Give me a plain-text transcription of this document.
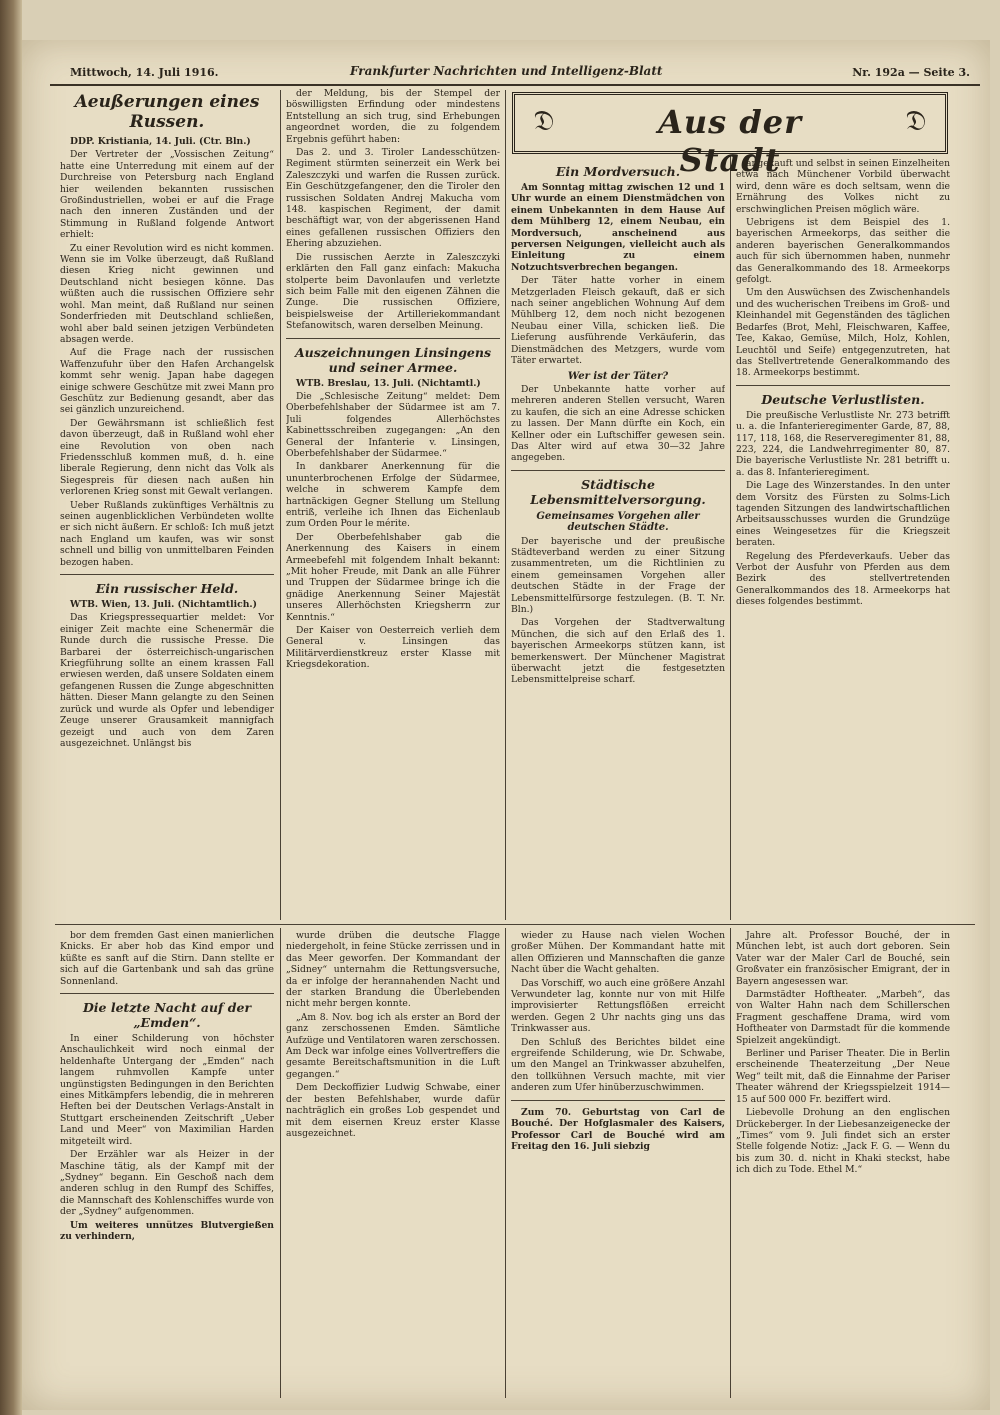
Mittwoch, 14. Juli 1916.	Frankfurter Nachrichten und Intelligenz-Blatt	Nr. 192a — Seite 3.
𝔇	Aus der Stadt
𝔇
Aeußerungen eines Russen.

DDP. Kristiania, 14. Juli. (Ctr. Bln.)

Der Vertreter der „Vossischen Zeitung“ hatte eine Unterredung mit einem auf der Durchreise von Petersburg nach England hier weilenden bekannten russischen Großindustriellen, wobei er auf die Frage nach den inneren Zuständen und der Stimmung in Rußland folgende Antwort erhielt:

Zu einer Revolution wird es nicht kommen. Wenn sie im Volke überzeugt, daß Rußland diesen Krieg nicht gewinnen und Deutschland nicht besiegen könne. Das wüßten auch die russischen Offiziere sehr wohl. Man meint, daß Rußland nur seinen Sonderfrieden mit Deutschland schließen, wohl aber bald seinen jetzigen Verbündeten absagen werde.

Auf die Frage nach der russischen Waffenzufuhr über den Hafen Archangelsk kommt sehr wenig. Japan habe dagegen einige schwere Geschütze mit zwei Mann pro Geschütz zur Bedienung gesandt, aber das sei gänzlich unzureichend.

Der Gewährsmann ist schließlich fest davon überzeugt, daß in Rußland wohl eher eine Revolution von oben nach Friedensschluß kommen muß, d. h. eine liberale Regierung, denn nicht das Volk als Siegespreis für diesen nach außen hin verlorenen Krieg sonst mit Gewalt verlangen.

Ueber Rußlands zukünftiges Verhältnis zu seinen augenblicklichen Verbündeten wollte er sich nicht äußern. Er schloß: Ich muß jetzt nach England um kaufen, was wir sonst schnell und billig von unmittelbaren Feinden bezogen haben.

Ein russischer Held.

WTB. Wien, 13. Juli. (Nichtamtlich.)

Das Kriegspressequartier meldet: Vor einiger Zeit machte eine Schenermär die Runde durch die russische Presse. Die Barbarei der österreichisch-ungarischen Kriegführung sollte an einem krassen Fall erwiesen werden, daß unsere Soldaten einem gefangenen Russen die Zunge abgeschnitten hätten. Dieser Mann gelangte zu den Seinen zurück und wurde als Opfer und lebendiger Zeuge unserer Grausamkeit mannigfach gezeigt und auch von dem Zaren ausgezeichnet. Unlängst bis

der Meldung, bis der Stempel der böswilligsten Erfindung oder mindestens Entstellung an sich trug, sind Erhebungen angeordnet worden, die zu folgendem Ergebnis geführt haben:

Das 2. und 3. Tiroler Landesschützen-Regiment stürmten seinerzeit ein Werk bei Zaleszczyki und warfen die Russen zurück. Ein Geschützgefangener, den die Tiroler den russischen Soldaten Andrej Makucha vom 148. kaspischen Regiment, der damit beschäftigt war, von der abgerissenen Hand eines gefallenen russischen Offiziers den Ehering abzuziehen.

Die russischen Aerzte in Zaleszczyki erklärten den Fall ganz einfach: Makucha stolperte beim Davonlaufen und verletzte sich beim Falle mit den eigenen Zähnen die Zunge. Die russischen Offiziere, beispielsweise der Artilleriekommandant Stefanowitsch, waren derselben Meinung.

Auszeichnungen Linsingens und seiner Armee.

WTB. Breslau, 13. Juli. (Nichtamtl.)

Die „Schlesische Zeitung“ meldet: Dem Oberbefehlshaber der Südarmee ist am 7. Juli folgendes Allerhöchstes Kabinettsschreiben zugegangen: „An den General der Infanterie v. Linsingen, Oberbefehlshaber der Südarmee.“

In dankbarer Anerkennung für die ununterbrochenen Erfolge der Südarmee, welche in schwerem Kampfe dem hartnäckigen Gegner Stellung um Stellung entriß, verleihe ich Ihnen das Eichenlaub zum Orden Pour le mérite.

Der Oberbefehlshaber gab die Anerkennung des Kaisers in einem Armeebefehl mit folgendem Inhalt bekannt: „Mit hoher Freude, mit Dank an alle Führer und Truppen der Südarmee bringe ich die gnädige Anerkennung Seiner Majestät unseres Allerhöchsten Kriegsherrn zur Kenntnis.“

Der Kaiser von Oesterreich verlieh dem General v. Linsingen das Militärverdienstkreuz erster Klasse mit Kriegsdekoration.

Ein Mordversuch.

Am Sonntag mittag zwischen 12 und 1 Uhr wurde an einem Dienstmädchen von einem Unbekannten in dem Hause Auf dem Mühlberg 12, einem Neubau, ein Mordversuch, anscheinend aus perversen Neigungen, vielleicht auch als Einleitung zu einem Notzuchtsverbrechen begangen.

Der Täter hatte vorher in einem Metzgerladen Fleisch gekauft, daß er sich nach seiner angeblichen Wohnung Auf dem Mühlberg 12, dem noch nicht bezogenen Neubau einer Villa, schicken ließ. Die Lieferung ausführende Verkäuferin, das Dienstmädchen des Metzgers, wurde vom Täter erwartet.

Wer ist der Täter?

Der Unbekannte hatte vorher auf mehreren anderen Stellen versucht, Waren zu kaufen, die sich an eine Adresse schicken zu lassen. Der Mann dürfte ein Koch, ein Kellner oder ein Luftschiffer gewesen sein. Das Alter wird auf etwa 30—32 Jahre angegeben.

Städtische Lebensmittelversorgung.
Gemeinsames Vorgehen aller deutschen Städte.

Der bayerische und der preußische Städteverband werden zu einer Sitzung zusammentreten, um die Richtlinien zu einem gemeinsamen Vorgehen aller deutschen Städte in der Frage der Lebensmittelfürsorge festzulegen. (B. T. Nr. Bln.)

Das Vorgehen der Stadtverwaltung München, die sich auf den Erlaß des 1. bayerischen Armeekorps stützen kann, ist bemerkenswert. Der Münchener Magistrat überwacht jetzt die festgesetzten Lebensmittelpreise scharf.

angekauft und selbst in seinen Einzelheiten etwa nach Münchener Vorbild überwacht wird, denn wäre es doch seltsam, wenn die Ernährung des Volkes nicht zu erschwinglichen Preisen möglich wäre.

Uebrigens ist dem Beispiel des 1. bayerischen Armeekorps, das seither die anderen bayerischen Generalkommandos auch für sich übernommen haben, nunmehr das Generalkommando des 18. Armeekorps gefolgt.

Um den Auswüchsen des Zwischenhandels und des wucherischen Treibens im Groß- und Kleinhandel mit Gegenständen des täglichen Bedarfes (Brot, Mehl, Fleischwaren, Kaffee, Tee, Kakao, Gemüse, Milch, Holz, Kohlen, Leuchtöl und Seife) entgegenzutreten, hat das Stellvertretende Generalkommando des 18. Armeekorps bestimmt.

Deutsche Verlustlisten.

Die preußische Verlustliste Nr. 273 betrifft u. a. die Infanterieregimenter Garde, 87, 88, 117, 118, 168, die Reserveregimenter 81, 88, 223, 224, die Landwehrregimenter 80, 87. Die bayerische Verlustliste Nr. 281 betrifft u. a. das 8. Infanterieregiment.

Die Lage des Winzerstandes. In den unter dem Vorsitz des Fürsten zu Solms-Lich tagenden Sitzungen des landwirtschaftlichen Arbeitsausschusses wurden die Grundzüge eines Weingesetzes für die Kriegszeit beraten.

Regelung des Pferdeverkaufs. Ueber das Verbot der Ausfuhr von Pferden aus dem Bezirk des stellvertretenden Generalkommandos des 18. Armeekorps hat dieses folgendes bestimmt.

bor dem fremden Gast einen manierlichen Knicks. Er aber hob das Kind empor und küßte es sanft auf die Stirn. Dann stellte er sich auf die Gartenbank und sah das grüne Sonnenland.

Die letzte Nacht auf der „Emden“.

In einer Schilderung von höchster Anschaulichkeit wird noch einmal der heldenhafte Untergang der „Emden“ nach langem ruhmvollen Kampfe unter ungünstigsten Bedingungen in den Berichten eines Mitkämpfers lebendig, die in mehreren Heften bei der Deutschen Verlags-Anstalt in Stuttgart erscheinenden Zeitschrift „Ueber Land und Meer“ von Maximilian Harden mitgeteilt wird.

Der Erzähler war als Heizer in der Maschine tätig, als der Kampf mit der „Sydney“ begann. Ein Geschoß nach dem anderen schlug in den Rumpf des Schiffes, die Mannschaft des Kohlenschiffes wurde von der „Sydney“ aufgenommen.

Um weiteres unnützes Blutvergießen zu verhindern,

wurde drüben die deutsche Flagge niedergeholt, in feine Stücke zerrissen und in das Meer geworfen. Der Kommandant der „Sidney“ unternahm die Rettungsversuche, da er infolge der herannahenden Nacht und der starken Brandung die Überlebenden nicht mehr bergen konnte.

„Am 8. Nov. bog ich als erster an Bord der ganz zerschossenen Emden. Sämtliche Aufzüge und Ventilatoren waren zerschossen. Am Deck war infolge eines Vollvertreffers die gesamte Bereitschaftsmunition in die Luft gegangen.“

Dem Deckoffizier Ludwig Schwabe, einer der besten Befehlshaber, wurde dafür nachträglich ein großes Lob gespendet und mit dem eisernen Kreuz erster Klasse ausgezeichnet.

wieder zu Hause nach vielen Wochen großer Mühen. Der Kommandant hatte mit allen Offizieren und Mannschaften die ganze Nacht über die Wacht gehalten.

Das Vorschiff, wo auch eine größere Anzahl Verwundeter lag, konnte nur von mit Hilfe improvisierter Rettungsflößen erreicht werden. Gegen 2 Uhr nachts ging uns das Trinkwasser aus.

Den Schluß des Berichtes bildet eine ergreifende Schilderung, wie Dr. Schwabe, um den Mangel an Trinkwasser abzuhelfen, den tollkühnen Versuch machte, mit vier anderen zum Ufer hinüberzuschwimmen.

Zum 70. Geburtstag von Carl de Bouché. Der Hofglasmaler des Kaisers, Professor Carl de Bouché wird am Freitag den 16. Juli siebzig

Jahre alt. Professor Bouché, der in München lebt, ist auch dort geboren. Sein Vater war der Maler Carl de Bouché, sein Großvater ein französischer Emigrant, der in Bayern angesessen war.

Darmstädter Hoftheater. „Marbeh“, das von Walter Hahn nach dem Schillerschen Fragment geschaffene Drama, wird vom Hoftheater von Darmstadt für die kommende Spielzeit angekündigt.

Berliner und Pariser Theater. Die in Berlin erscheinende Theaterzeitung „Der Neue Weg“ teilt mit, daß die Einnahme der Pariser Theater während der Kriegsspielzeit 1914—15 auf 500 000 Fr. beziffert wird.

Liebevolle Drohung an den englischen Drückeberger. In der Liebesanzeigenecke der „Times“ vom 9. Juli findet sich an erster Stelle folgende Notiz: „Jack F. G. — Wenn du bis zum 30. d. nicht in Khaki steckst, habe ich dich zu Tode. Ethel M.“
